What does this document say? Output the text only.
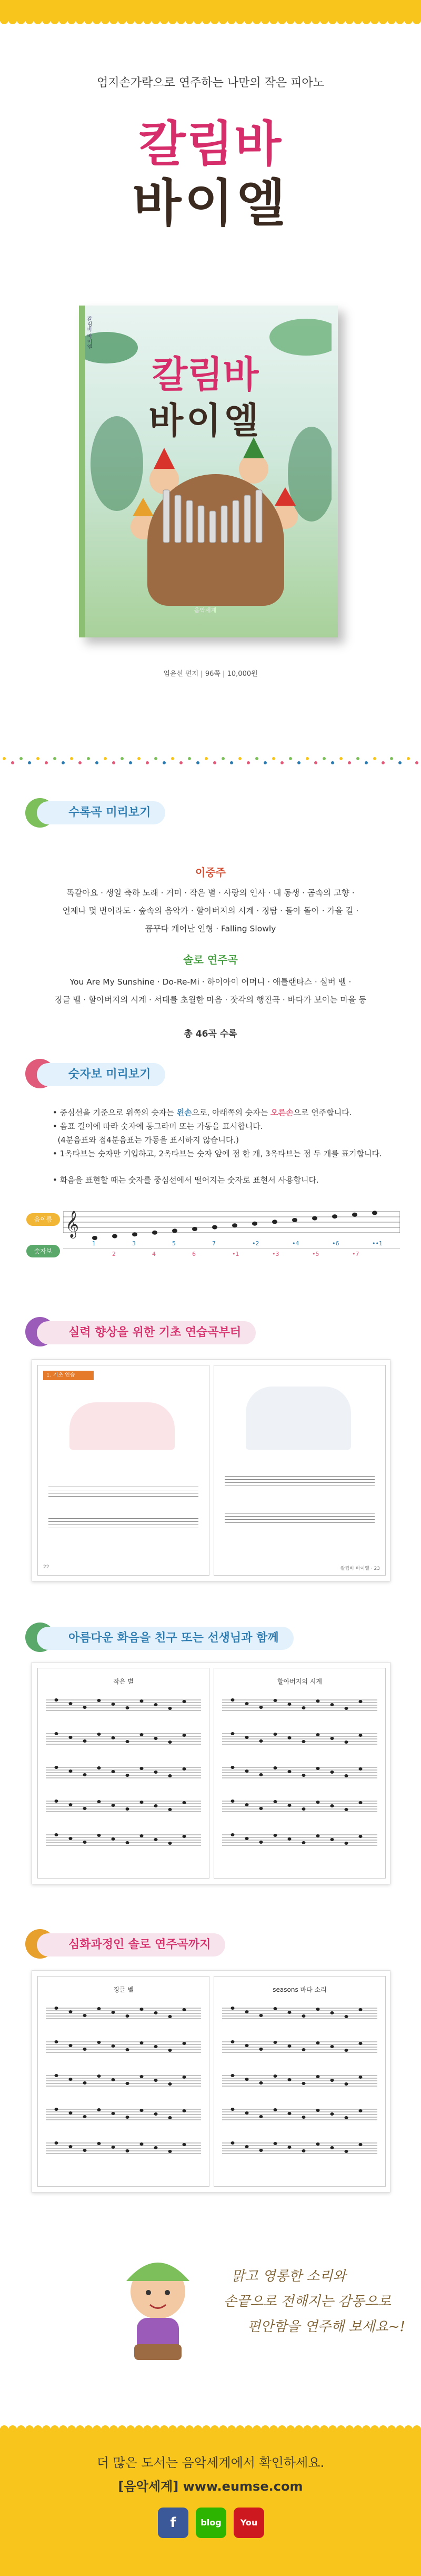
엄지손가락으로 연주하는 나만의 작은 피아노
칼림바
바이엘
칼림바 바이엘
칼림바
바이엘
음악세계
엄윤선 편저 | 96쪽 | 10,000원
수록곡 미리보기
이중주
똑같아요 · 생일 축하 노래 · 거미 · 작은 별 · 사랑의 인사 · 내 동생 · 곰속의 고향 ·
언제나 몇 번이라도 · 숲속의 음악가 · 할아버지의 시계 · 징탐 · 돌아 돌아 · 가을 길 ·
꼼꾸다 캐어난 인형 · Falling Slowly
솔로 연주곡
You Are My Sunshine · Do-Re-Mi · 하이아이 어머니 · 애틀랜타스 · 실버 벨 ·
징글 벨 · 할아버지의 시계 · 서대를 초월한 마음 · 잣각의 행진곡 · 바다가 보이는 마을 등
총 46곡 수록
숫자보 미리보기
• 중심선을 기준으로 위쪽의 숫자는 왼손으로, 아래쪽의 숫자는 오른손으로 연주합니다.
• 음표 길이에 따라 숫자에 동그라미 또는 가동을 표시합니다.
(4분음표와 점4분음표는 가동을 표시하지 않습니다.)
• 1옥타브는 숫자만 기입하고, 2옥타브는 숫자 앞에 점 한 개, 3옥타브는 점 두 개를 표기합니다.
• 화음을 표현할 때는 숫자를 중심선에서 떨어지는 숫자로 표현서 사용합니다.
음이름
숫자보
𝄞
1
2
3
4
5
6
7
•1
•2
•3
•4
•5
•6
•7
••1
실력 향상을 위한 기초 연습곡부터
1. 기초 연습
22	칼림바 바이엘 · 23
아름다운 화음을 친구 또는 선생님과 함께
작은 별	할아버지의 시계
심화과정인 솔로 연주곡까지
징글 벨	seasons 바다 소리
맑고 영롱한 소리와
손끝으로 전해지는 감동으로
편안함을 연주해 보세요~!
더 많은 도서는 음악세계에서 확인하세요.
[음악세계] www.eumse.com
f	blog	You
